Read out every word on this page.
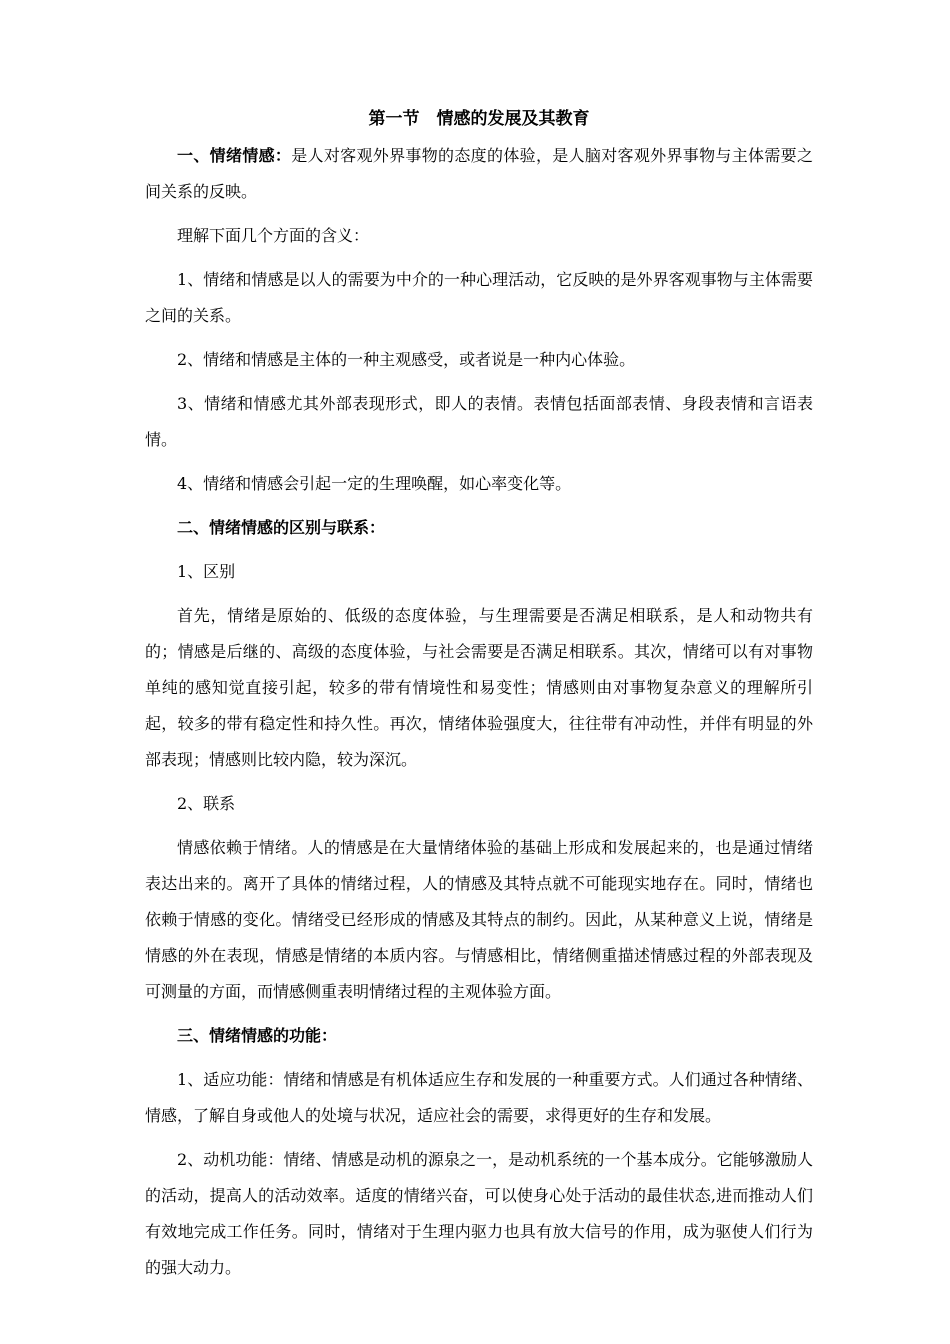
第一节　情感的发展及其教育

一、情绪情感：是人对客观外界事物的态度的体验，是人脑对客观外界事物与主体需要之间关系的反映。

理解下面几个方面的含义：

1、情绪和情感是以人的需要为中介的一种心理活动，它反映的是外界客观事物与主体需要之间的关系。

2、情绪和情感是主体的一种主观感受，或者说是一种内心体验。

3、情绪和情感尤其外部表现形式，即人的表情。表情包括面部表情、身段表情和言语表情。

4、情绪和情感会引起一定的生理唤醒，如心率变化等。

二、情绪情感的区别与联系：

1、区别

首先，情绪是原始的、低级的态度体验，与生理需要是否满足相联系，是人和动物共有的；情感是后继的、高级的态度体验，与社会需要是否满足相联系。其次，情绪可以有对事物单纯的感知觉直接引起，较多的带有情境性和易变性；情感则由对事物复杂意义的理解所引起，较多的带有稳定性和持久性。再次，情绪体验强度大，往往带有冲动性，并伴有明显的外部表现；情感则比较内隐，较为深沉。

2、联系

情感依赖于情绪。人的情感是在大量情绪体验的基础上形成和发展起来的，也是通过情绪表达出来的。离开了具体的情绪过程，人的情感及其特点就不可能现实地存在。同时，情绪也依赖于情感的变化。情绪受已经形成的情感及其特点的制约。因此，从某种意义上说，情绪是情感的外在表现，情感是情绪的本质内容。与情感相比，情绪侧重描述情感过程的外部表现及可测量的方面，而情感侧重表明情绪过程的主观体验方面。

三、情绪情感的功能：

1、适应功能：情绪和情感是有机体适应生存和发展的一种重要方式。人们通过各种情绪、情感，了解自身或他人的处境与状况，适应社会的需要，求得更好的生存和发展。

2、动机功能：情绪、情感是动机的源泉之一，是动机系统的一个基本成分。它能够激励人的活动，提高人的活动效率。适度的情绪兴奋，可以使身心处于活动的最佳状态,进而推动人们有效地完成工作任务。同时，情绪对于生理内驱力也具有放大信号的作用，成为驱使人们行为的强大动力。
